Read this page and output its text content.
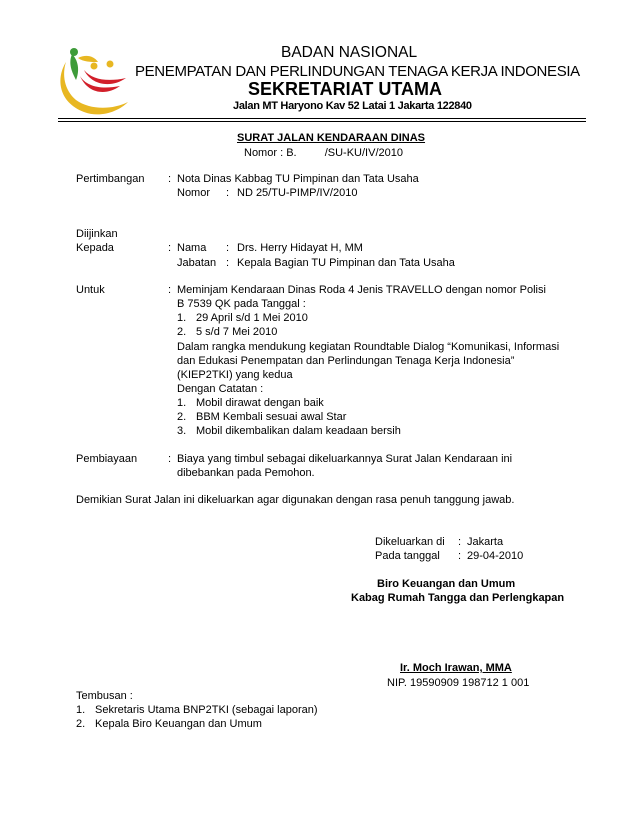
BADAN NASIONAL
PENEMPATAN DAN PERLINDUNGAN TENAGA KERJA INDONESIA
SEKRETARIAT UTAMA
Jalan MT Haryono Kav 52 Latai 1 Jakarta 122840
SURAT JALAN KENDARAAN DINAS
Nomor : B.	/SU-KU/IV/2010
Pertimbangan : Nota Dinas Kabbag TU Pimpinan dan Tata Usaha
Nomor : ND 25/TU-PIMP/IV/2010
Diijinkan
Kepada	: Nama : Drs. Herry Hidayat H, MM
Jabatan : Kepala Bagian TU Pimpinan dan Tata Usaha
Untuk	: Meminjam Kendaraan Dinas Roda 4 Jenis TRAVELLO dengan nomor Polisi
B 7539 QK pada Tanggal :
1. 29 April s/d 1 Mei 2010
2. 5 s/d 7 Mei 2010
Dalam rangka mendukung kegiatan Roundtable Dialog “Komunikasi, Informasi
dan Edukasi Penempatan dan Perlindungan Tenaga Kerja Indonesia”
(KIEP2TKI) yang kedua
Dengan Catatan :
1. Mobil dirawat dengan baik
2. BBM Kembali sesuai awal Star
3. Mobil dikembalikan dalam keadaan bersih
Pembiayaan	: Biaya yang timbul sebagai dikeluarkannya Surat Jalan Kendaraan ini
dibebankan pada Pemohon.
Demikian Surat Jalan ini dikeluarkan agar digunakan dengan rasa penuh tanggung jawab.
Dikeluarkan di : Jakarta
Pada tanggal : 29-04-2010
Biro Keuangan dan Umum
Kabag Rumah Tangga dan Perlengkapan
Ir. Moch Irawan, MMA
NIP. 19590909 198712 1 001
Tembusan :
1. Sekretaris Utama BNP2TKI (sebagai laporan)
2. Kepala Biro Keuangan dan Umum
